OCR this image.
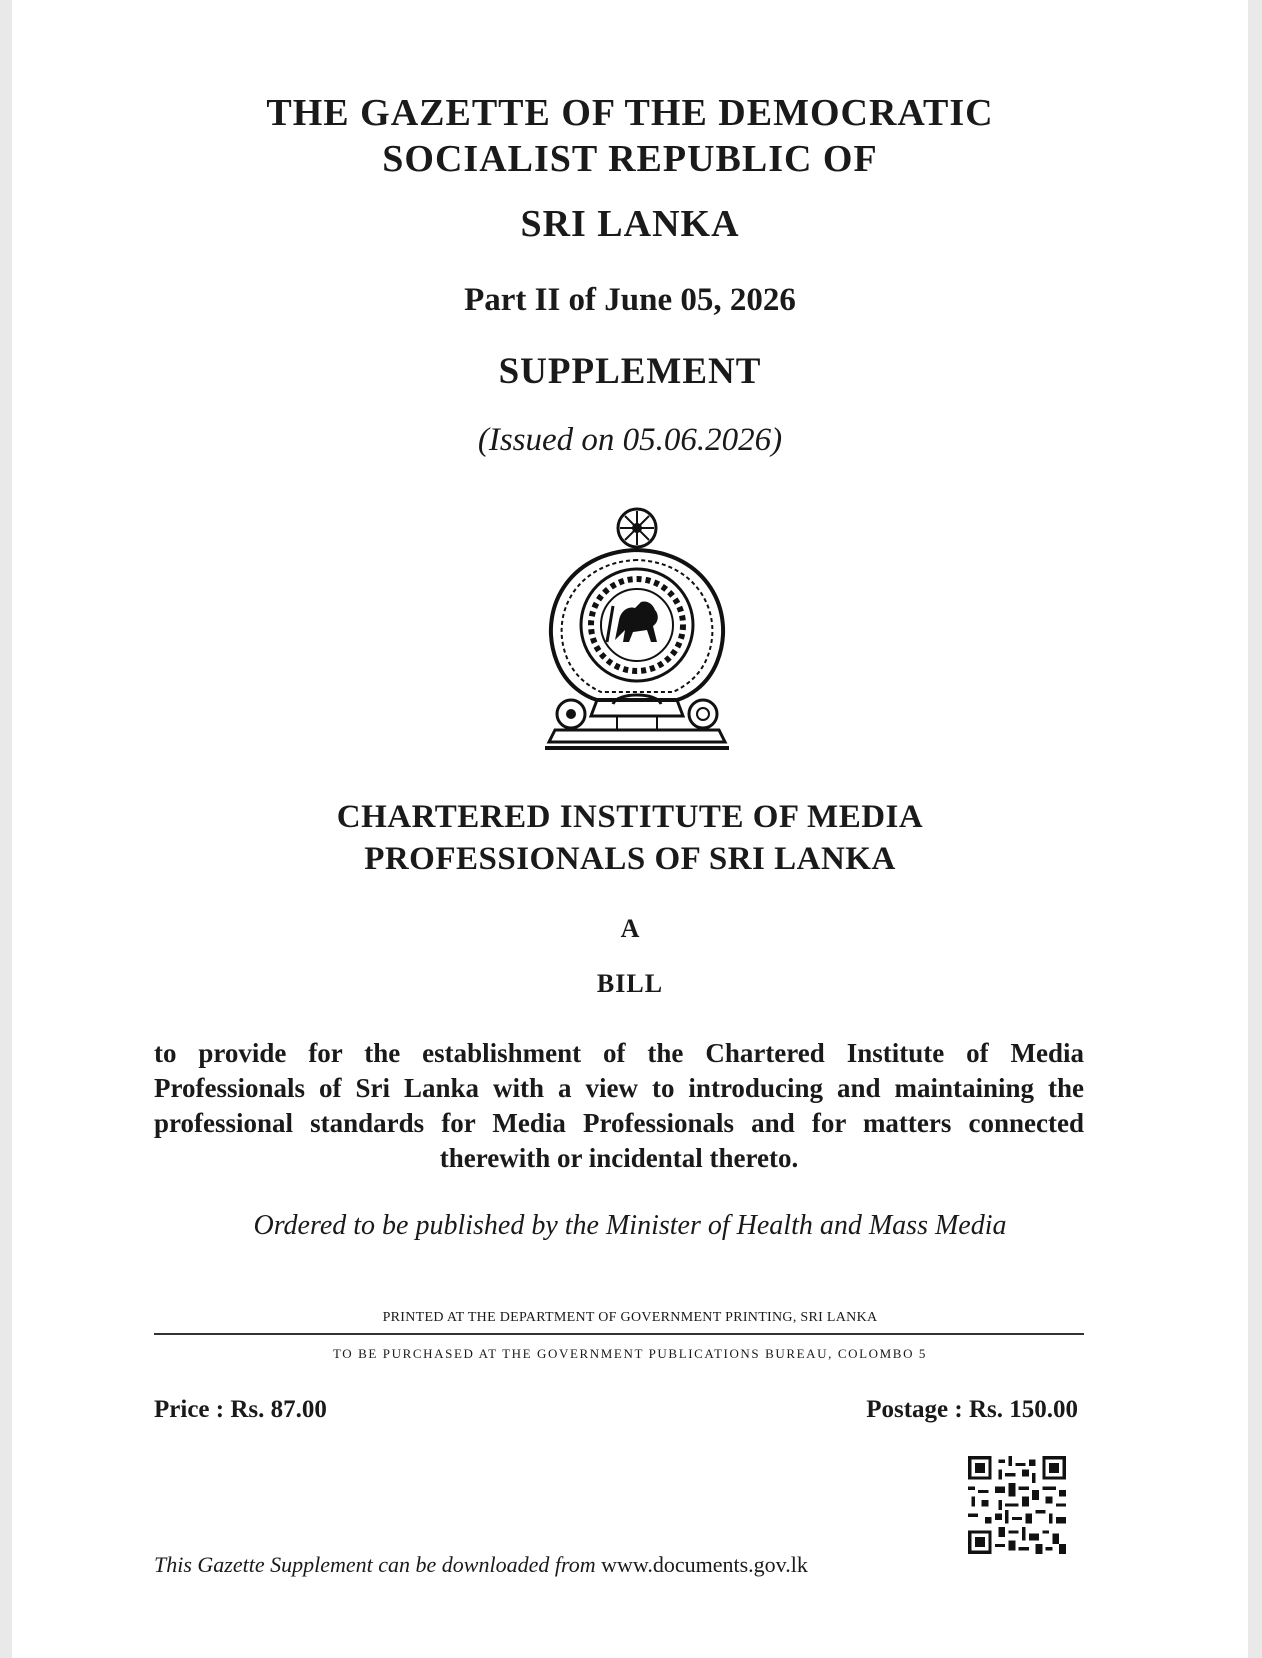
THE GAZETTE OF THE DEMOCRATIC
SOCIALIST REPUBLIC OF
SRI LANKA
Part II of June 05, 2026
SUPPLEMENT
(Issued on 05.06.2026)
CHARTERED INSTITUTE OF MEDIA
PROFESSIONALS OF SRI LANKA
A
BILL
to provide for the establishment of the Chartered Institute of Media Professionals of Sri Lanka with a view to introducing and maintaining the professional standards for Media Professionals and for matters connected therewith or incidental thereto.
Ordered to be published by the Minister of Health and Mass Media
PRINTED AT THE DEPARTMENT OF GOVERNMENT PRINTING, SRI LANKA
TO BE PURCHASED AT THE GOVERNMENT PUBLICATIONS BUREAU, COLOMBO 5
Price : Rs. 87.00	Postage : Rs. 150.00
This Gazette Supplement can be downloaded from www.documents.gov.lk
